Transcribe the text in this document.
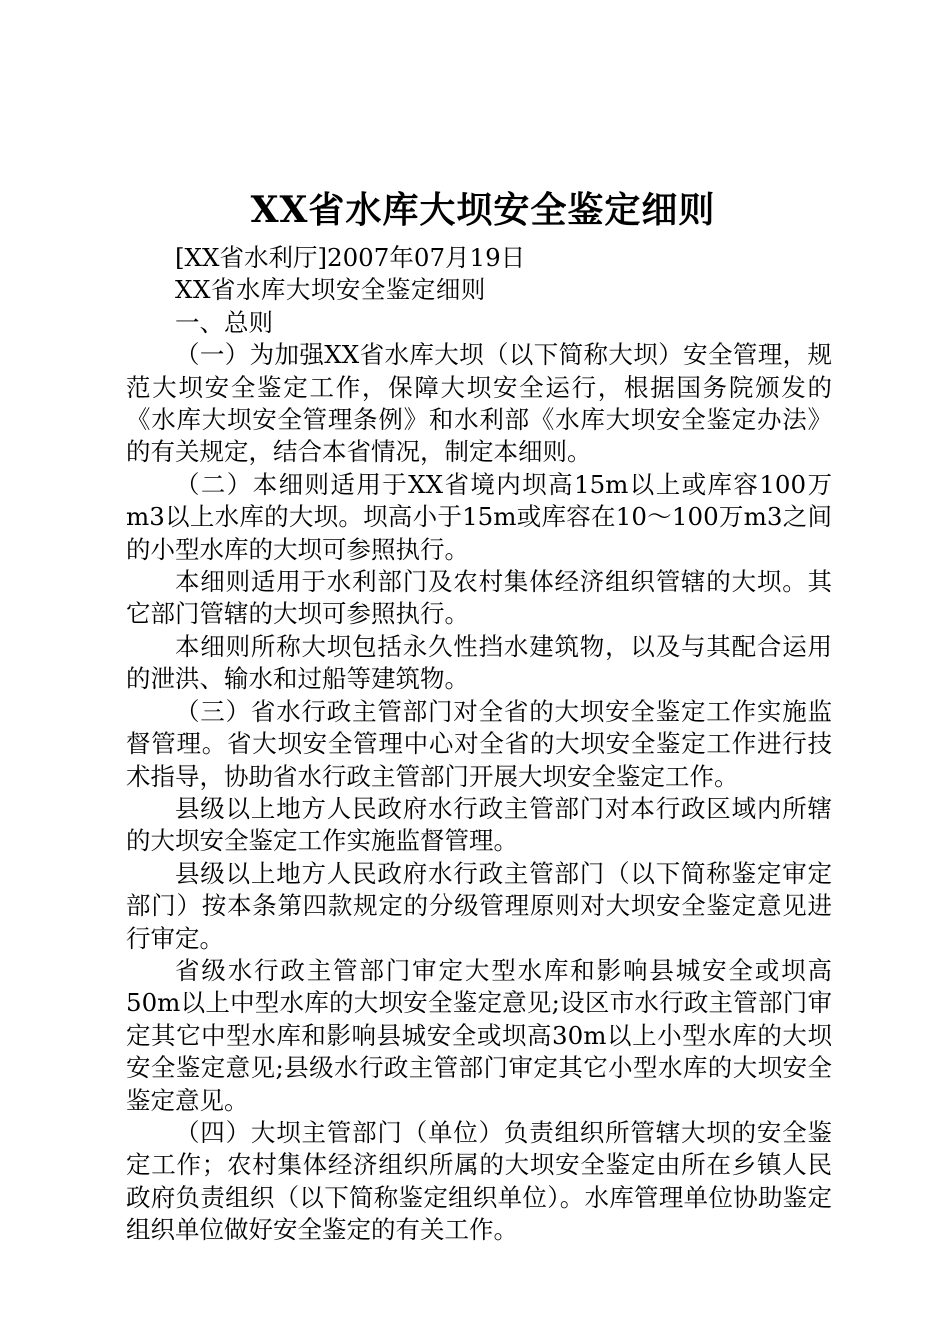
XX省水库大坝安全鉴定细则

[XX省水利厅]2007年07月19日

XX省水库大坝安全鉴定细则

一、总则

（一）为加强XX省水库大坝（以下简称大坝）安全管理，规范大坝安全鉴定工作，保障大坝安全运行，根据国务院颁发的《水库大坝安全管理条例》和水利部《水库大坝安全鉴定办法》的有关规定，结合本省情况，制定本细则。

（二）本细则适用于XX省境内坝高15m以上或库容100万m3以上水库的大坝。坝高小于15m或库容在10～100万m3之间的小型水库的大坝可参照执行。

本细则适用于水利部门及农村集体经济组织管辖的大坝。其它部门管辖的大坝可参照执行。

本细则所称大坝包括永久性挡水建筑物，以及与其配合运用的泄洪、输水和过船等建筑物。

（三）省水行政主管部门对全省的大坝安全鉴定工作实施监督管理。省大坝安全管理中心对全省的大坝安全鉴定工作进行技术指导，协助省水行政主管部门开展大坝安全鉴定工作。

县级以上地方人民政府水行政主管部门对本行政区域内所辖的大坝安全鉴定工作实施监督管理。

县级以上地方人民政府水行政主管部门（以下简称鉴定审定部门）按本条第四款规定的分级管理原则对大坝安全鉴定意见进行审定。

省级水行政主管部门审定大型水库和影响县城安全或坝高50m以上中型水库的大坝安全鉴定意见;设区市水行政主管部门审定其它中型水库和影响县城安全或坝高30m以上小型水库的大坝安全鉴定意见;县级水行政主管部门审定其它小型水库的大坝安全鉴定意见。

（四）大坝主管部门（单位）负责组织所管辖大坝的安全鉴定工作；农村集体经济组织所属的大坝安全鉴定由所在乡镇人民政府负责组织（以下简称鉴定组织单位）。水库管理单位协助鉴定组织单位做好安全鉴定的有关工作。
